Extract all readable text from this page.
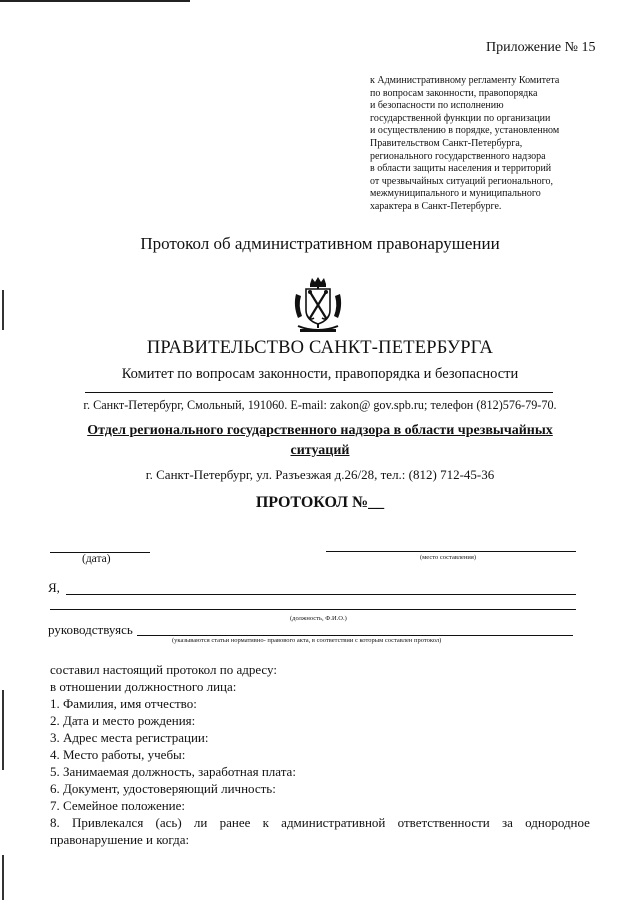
Приложение № 15
к Административному регламенту Комитета
по вопросам законности, правопорядка
и безопасности по исполнению
государственной функции по организации
и осуществлению в порядке, установленном
Правительством Санкт-Петербурга,
регионального государственного надзора
в области защиты населения и территорий
от чрезвычайных ситуаций регионального,
межмуниципального и муниципального
характера в Санкт-Петербурге.
Протокол об административном правонарушении
ПРАВИТЕЛЬСТВО САНКТ-ПЕТЕРБУРГА
Комитет по вопросам законности, правопорядка и безопасности
г. Санкт-Петербург, Смольный, 191060. E-mail: zakon@ gov.spb.ru; телефон (812)576-79-70.
Отдел регионального государственного надзора в области чрезвычайных ситуаций
г. Санкт-Петербург, ул. Разъезжая д.26/28, тел.: (812) 712-45-36
ПРОТОКОЛ №__
(дата)	(место составления)
Я,
(должность, Ф.И.О.)
руководствуясь
(указываются статьи нормативно- правового акта, в соответствии с которым составлен протокол)
составил настоящий протокол по адресу:
в отношении должностного лица:
1. Фамилия, имя отчество:
2. Дата и место рождения:
3. Адрес места регистрации:
4. Место работы, учебы:
5. Занимаемая должность, заработная плата:
6. Документ, удостоверяющий личность:
7. Семейное положение:
8. Привлекался (ась) ли ранее к административной ответственности за однородное
правонарушение и когда:
